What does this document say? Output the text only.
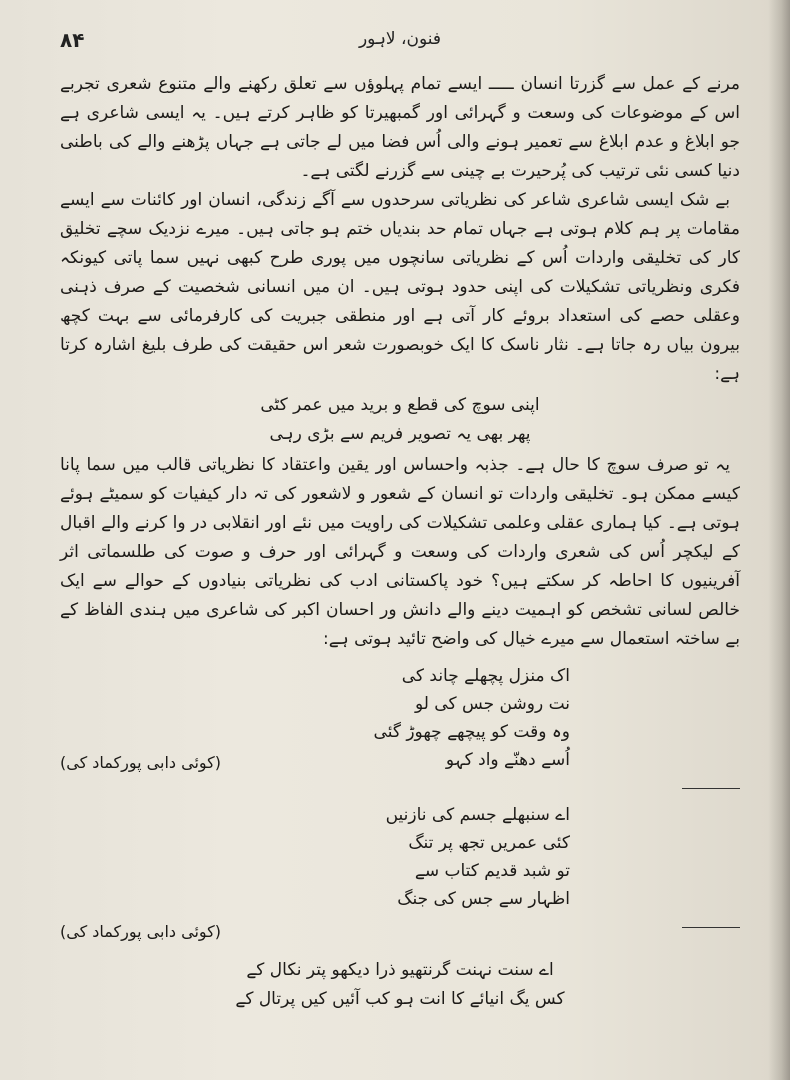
۸۴	فنون، لاہور

مرنے کے عمل سے گزرتا انسان ـــــ ایسے تمام پہلوؤں سے تعلق رکھنے والے متنوع شعری تجربے اس کے موضوعات کی وسعت و گہرائی اور گمبھیرتا کو ظاہر کرتے ہیں۔ یہ ایسی شاعری ہے جو ابلاغ و عدم ابلاغ سے تعمیر ہونے والی اُس فضا میں لے جاتی ہے جہاں پڑھنے والے کی باطنی دنیا کسی نئی ترتیب کی پُرحیرت بے چینی سے گزرنے لگتی ہے۔

بے شک ایسی شاعری شاعر کی نظریاتی سرحدوں سے آگے زندگی، انسان اور کائنات سے ایسے مقامات پر ہم کلام ہوتی ہے جہاں تمام حد بندیاں ختم ہو جاتی ہیں۔ میرے نزدیک سچے تخلیق کار کی تخلیقی واردات اُس کے نظریاتی سانچوں میں پوری طرح کبھی نہیں سما پاتی کیونکہ فکری ونظریاتی تشکیلات کی اپنی حدود ہوتی ہیں۔ ان میں انسانی شخصیت کے صرف ذہنی وعقلی حصے کی استعداد بروئے کار آتی ہے اور منطقی جبریت کی کارفرمائی سے بہت کچھ بیرون بیاں رہ جاتا ہے۔ نثار ناسک کا ایک خوبصورت شعر اس حقیقت کی طرف بلیغ اشارہ کرتا ہے:

اپنی سوچ کی قطع و برید میں عمر کٹی
پھر بھی یہ تصویر فریم سے بڑی رہی

یہ تو صرف سوچ کا حال ہے۔ جذبہ واحساس اور یقین واعتقاد کا نظریاتی قالب میں سما پانا کیسے ممکن ہو۔ تخلیقی واردات تو انسان کے شعور و لاشعور کی تہ دار کیفیات کو سمیٹے ہوئے ہوتی ہے۔ کیا ہماری عقلی وعلمی تشکیلات کی راویت میں نئے اور انقلابی در وا کرنے والے اقبال کے لیکچر اُس کی شعری واردات کی وسعت و گہرائی اور حرف و صوت کی طلسماتی اثر آفرینیوں کا احاطہ کر سکتے ہیں؟ خود پاکستانی ادب کی نظریاتی بنیادوں کے حوالے سے ایک خالص لسانی تشخص کو اہمیت دینے والے دانش ور احسان اکبر کی شاعری میں ہندی الفاظ کے بے ساختہ استعمال سے میرے خیال کی واضح تائید ہوتی ہے:

اک منزل پچھلے چاند کی
نت روشن جس کی لو
وہ وقت کو پیچھے چھوڑ گئی
اُسے دھنّے واد کہو
(کوئی دابی پورکماد کی)
اے سنبھلے جسم کی نازنیں
کئی عمریں تجھ پر تنگ
تو شبد قدیم کتاب سے
اظہار سے جس کی جنگ
(کوئی دابی پورکماد کی)
اے سنت نہنت گرنتھیو ذرا دیکھو پتر نکال کے
کس یگ انیائے کا انت ہو کب آئیں کیں پرتال کے
